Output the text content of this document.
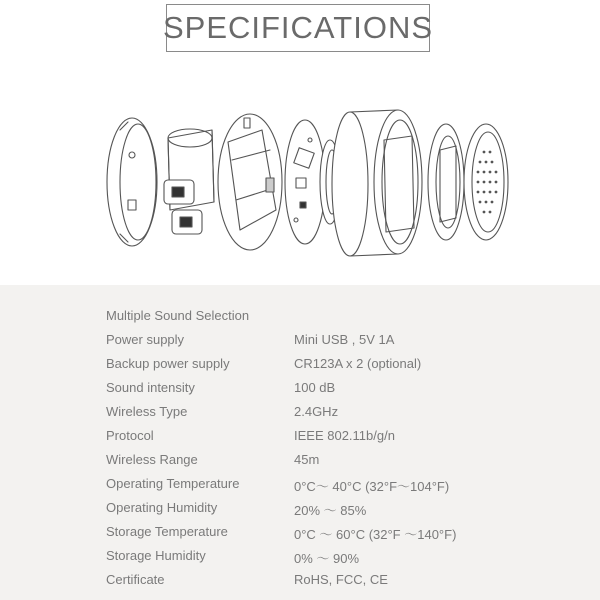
SPECIFICATIONS
Multiple Sound Selection
Power supply	Mini USB , 5V 1A
Backup power supply	CR123A x 2 (optional)
Sound intensity	100 dB
Wireless Type	2.4GHz
Protocol	IEEE 802.11b/g/n
Wireless Range	45m
Operating Temperature	0°C～ 40°C (32°F～104°F)
Operating Humidity	20% ～ 85%
Storage Temperature	0°C ～ 60°C (32°F ～140°F)
Storage Humidity	0% ～ 90%
Certificate	RoHS, FCC, CE
